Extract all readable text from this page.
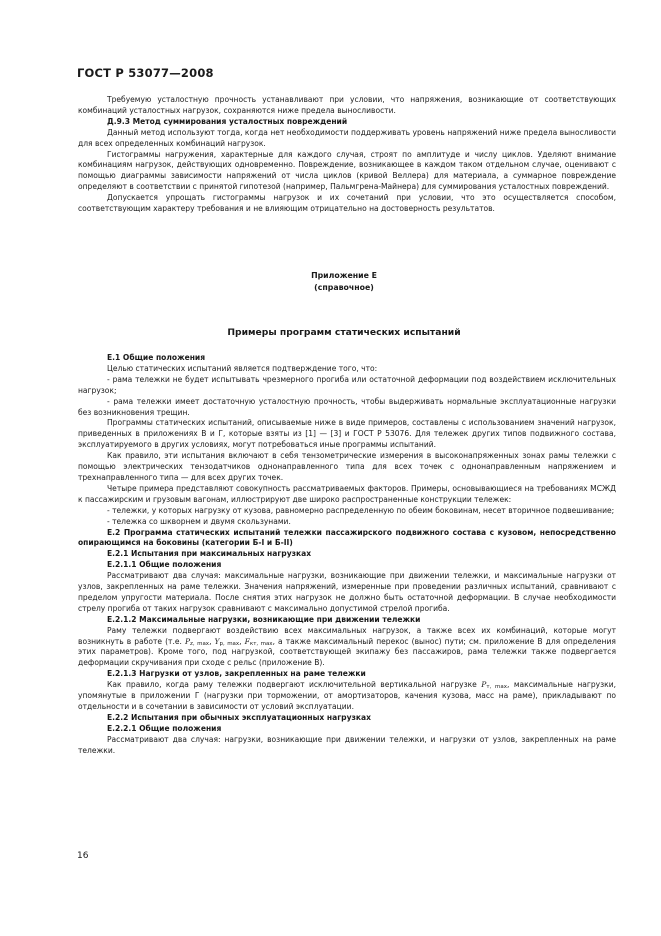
ГОСТ Р 53077—2008

Требуемую усталостную прочность устанавливают при условии, что напряжения, возникающие от соответствующих комбинаций усталостных нагрузок, сохраняются ниже предела выносливости.

Д.9.3 Метод суммирования усталостных повреждений

Данный метод используют тогда, когда нет необходимости поддерживать уровень напряжений ниже предела выносливости для всех определенных комбинаций нагрузок.

Гистограммы нагружения, характерные для каждого случая, строят по амплитуде и числу циклов. Уделяют внимание комбинациям нагрузок, действующих одновременно. Повреждение, возникающее в каждом таком отдельном случае, оценивают с помощью диаграммы зависимости напряжений от числа циклов (кривой Веллера) для материала, а суммарное повреждение определяют в соответствии с принятой гипотезой (например, Пальмгрена-Майнера) для суммирования усталостных повреждений.

Допускается упрощать гистограммы нагрузок и их сочетаний при условии, что это осуществляется способом, соответствующим характеру требования и не влияющим отрицательно на достоверность результатов.

Приложение Е
(справочное)
Примеры программ статических испытаний

Е.1 Общие положения

Целью статических испытаний является подтверждение того, что:

- рама тележки не будет испытывать чрезмерного прогиба или остаточной деформации под воздействием исключительных нагрузок;

- рама тележки имеет достаточную усталостную прочность, чтобы выдерживать нормальные эксплуатационные нагрузки без возникновения трещин.

Программы статических испытаний, описываемые ниже в виде примеров, составлены с использованием значений нагрузок, приведенных в приложениях В и Г, которые взяты из [1] — [3] и ГОСТ Р 53076. Для тележек других типов подвижного состава, эксплуатируемого в других условиях, могут потребоваться иные программы испытаний.

Как правило, эти испытания включают в себя тензометрические измерения в высоконапряженных зонах рамы тележки с помощью электрических тензодатчиков однонаправленного типа для всех точек с однонаправленным напряжением и трехнаправленного типа — для всех других точек.

Четыре примера представляют совокупность рассматриваемых факторов. Примеры, основывающиеся на требованиях МСЖД к пассажирским и грузовым вагонам, иллюстрируют две широко распространенные конструкции тележек:

- тележки, у которых нагрузку от кузова, равномерно распределенную по обеим боковинам, несет вторичное подвешивание;

- тележка со шкворнем и двумя скользунами.

Е.2 Программа статических испытаний тележки пассажирского подвижного состава с кузовом, непосредственно опирающимся на боковины (категории Б-I и Б-II)

Е.2.1 Испытания при максимальных нагрузках

Е.2.1.1 Общие положения

Рассматривают два случая: максимальные нагрузки, возникающие при движении тележки, и максимальные нагрузки от узлов, закрепленных на раме тележки. Значения напряжений, измеренные при проведении различных испытаний, сравнивают с пределом упругости материала. После снятия этих нагрузок не должно быть остаточной деформации. В случае необходимости стрелу прогиба от таких нагрузок сравнивают с максимально допустимой стрелой прогиба.

Е.2.1.2 Максимальные нагрузки, возникающие при движении тележки

Раму тележки подвергают воздействию всех максимальных нагрузок, а также всех их комбинаций, которые могут возникнуть в работе (т.е. $P_{z, max}$, $Y_{p, max}$, $F_{кт, max}$, а также максимальный перекос (вынос) пути; см. приложение В для определения этих параметров). Кроме того, под нагрузкой, соответствующей экипажу без пассажиров, рама тележки также подвергается деформации скручивания при сходе с рельс (приложение В).

Е.2.1.3 Нагрузки от узлов, закрепленных на раме тележки

Как правило, когда раму тележки подвергают исключительной вертикальной нагрузке $P_{т, max}$, максимальные нагрузки, упомянутые в приложении Г (нагрузки при торможении, от амортизаторов, качения кузова, масс на раме), прикладывают по отдельности и в сочетании в зависимости от условий эксплуатации.

Е.2.2 Испытания при обычных эксплуатационных нагрузках

Е.2.2.1 Общие положения

Рассматривают два случая: нагрузки, возникающие при движении тележки, и нагрузки от узлов, закрепленных на раме тележки.

16
